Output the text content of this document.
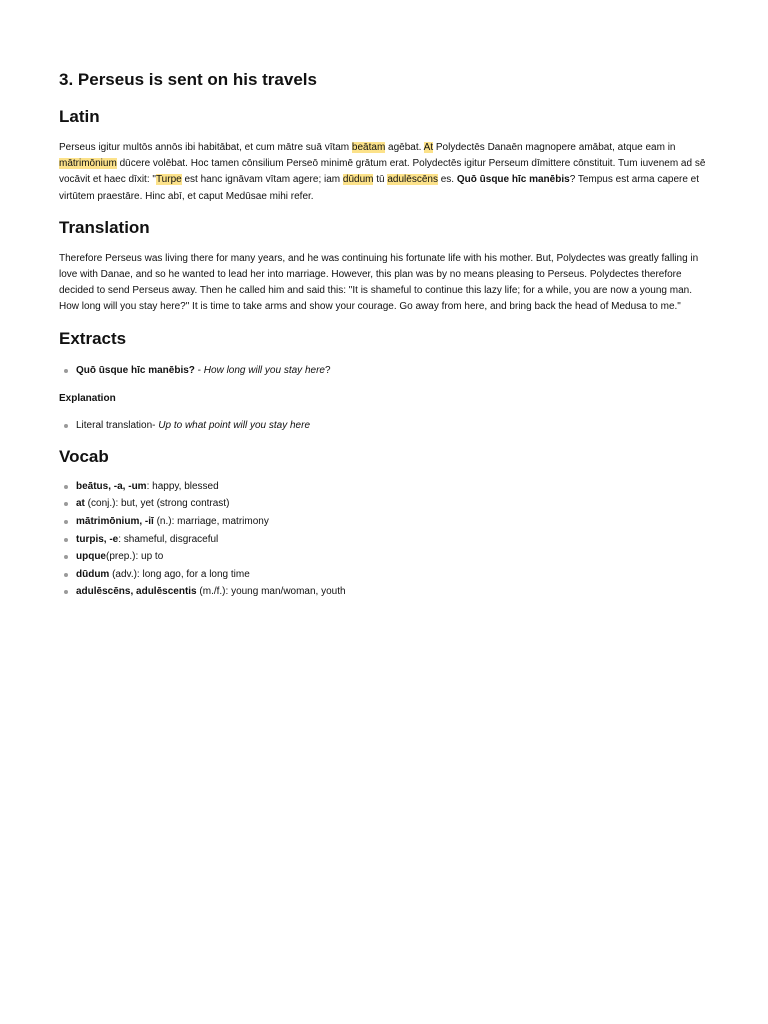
3. Perseus is sent on his travels
Latin

Perseus igitur multōs annōs ibi habitābat, et cum mātre suā vītam beātam agēbat. At Polydectēs Danaēn magnopere amābat, atque eam in mātrimōnium dūcere volēbat. Hoc tamen cōnsilium Perseō minimē grātum erat. Polydectēs igitur Perseum dīmittere cōnstituit. Tum iuvenem ad sē vocāvit et haec dīxit: "Turpe est hanc ignāvam vītam agere; iam dūdum tū adulēscēns es. Quō ūsque hīc manēbis? Tempus est arma capere et virtūtem praestāre. Hinc abī, et caput Medūsae mihi refer.

Translation

Therefore Perseus was living there for many years, and he was continuing his fortunate life with his mother. But, Polydectes was greatly falling in love with Danae, and so he wanted to lead her into marriage. However, this plan was by no means pleasing to Perseus. Polydectes therefore decided to send Perseus away. Then he called him and said this: "It is shameful to continue this lazy life; for a while, you are now a young man. How long will you stay here?" It is time to take arms and show your courage. Go away from here, and bring back the head of Medusa to me."

Extracts
Quō ūsque hīc manēbis? - How long will you stay here?
Explanation
Literal translation- Up to what point will you stay here
Vocab
beātus, -a, -um: happy, blessed
at (conj.): but, yet (strong contrast)
mātrimōnium, -iī (n.): marriage, matrimony
turpis, -e: shameful, disgraceful
upque(prep.): up to
dūdum (adv.): long ago, for a long time
adulēscēns, adulēscentis (m./f.): young man/woman, youth
